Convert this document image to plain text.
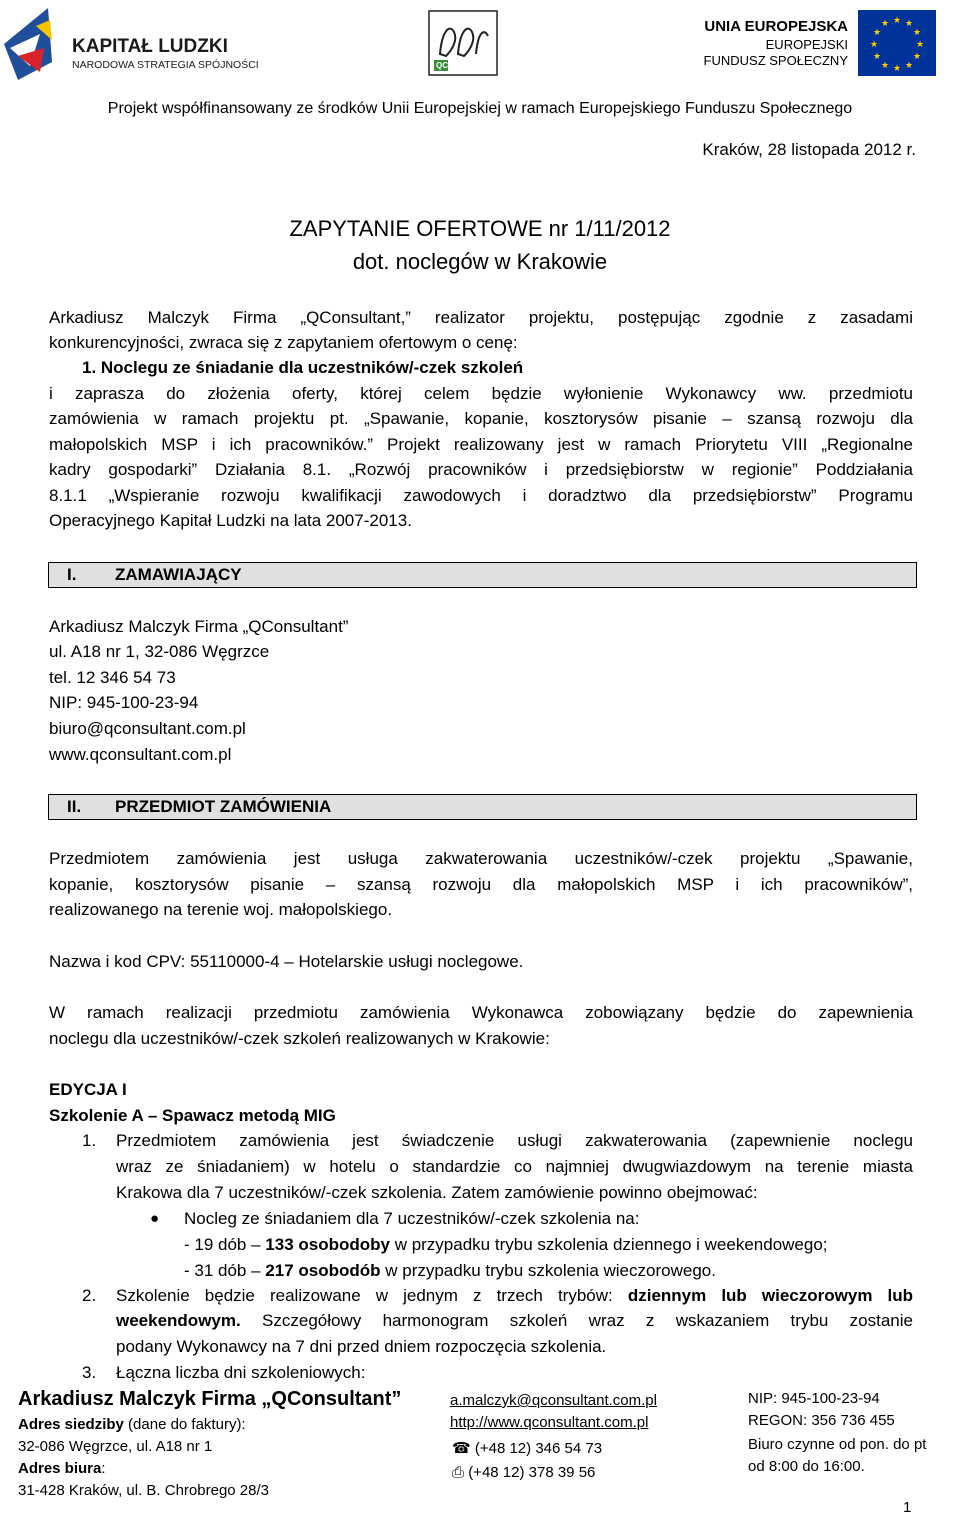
KAPITAŁ LUDZKI
NARODOWA STRATEGIA SPÓJNOŚCI	QC
UNIA EUROPEJSKA
EUROPEJSKI
FUNDUSZ SPOŁECZNY
★ ★
★
★
★
★
★
★
★
★
★
★
Projekt współfinansowany ze środków Unii Europejskiej w ramach Europejskiego Funduszu Społecznego
Kraków, 28 listopada 2012 r.
ZAPYTANIE OFERTOWE nr 1/11/2012
dot. noclegów w Krakowie
Arkadiusz Malczyk Firma „QConsultant,” realizator projektu, postępując zgodnie z zasadami
konkurencyjności, zwraca się z zapytaniem ofertowym o cenę:
1. Noclegu ze śniadanie dla uczestników/-czek szkoleń
i zaprasza do złożenia oferty, której celem będzie wyłonienie Wykonawcy ww. przedmiotu
zamówienia w ramach projektu pt. „Spawanie, kopanie, kosztorysów pisanie – szansą rozwoju dla
małopolskich MSP i ich pracowników.” Projekt realizowany jest w ramach Priorytetu VIII „Regionalne
kadry gospodarki” Działania 8.1. „Rozwój pracowników i przedsiębiorstw w regionie” Poddziałania
8.1.1 „Wspieranie rozwoju kwalifikacji zawodowych i doradztwo dla przedsiębiorstw” Programu
Operacyjnego Kapitał Ludzki na lata 2007-2013.
I. ZAMAWIAJĄCY
Arkadiusz Malczyk Firma „QConsultant”
ul. A18 nr 1, 32-086 Węgrzce
tel. 12 346 54 73
NIP: 945-100-23-94
biuro@qconsultant.com.pl
www.qconsultant.com.pl
II. PRZEDMIOT ZAMÓWIENIA
Przedmiotem zamówienia jest usługa zakwaterowania uczestników/-czek projektu „Spawanie,
kopanie, kosztorysów pisanie – szansą rozwoju dla małopolskich MSP i ich pracowników”,
realizowanego na terenie woj. małopolskiego.
Nazwa i kod CPV: 55110000-4 – Hotelarskie usługi noclegowe.
W ramach realizacji przedmiotu zamówienia Wykonawca zobowiązany będzie do zapewnienia
noclegu dla uczestników/-czek szkoleń realizowanych w Krakowie:
EDYCJA I
Szkolenie A – Spawacz metodą MIG
1. Przedmiotem zamówienia jest świadczenie usługi zakwaterowania (zapewnienie noclegu
wraz ze śniadaniem) w hotelu o standardzie co najmniej dwugwiazdowym na terenie miasta
Krakowa dla 7 uczestników/-czek szkolenia. Zatem zamówienie powinno obejmować:
● Nocleg ze śniadaniem dla 7 uczestników/-czek szkolenia na:
- 19 dób – 133 osobodoby w przypadku trybu szkolenia dziennego i weekendowego;
- 31 dób – 217 osobodób w przypadku trybu szkolenia wieczorowego.
2. Szkolenie będzie realizowane w jednym z trzech trybów: dziennym lub wieczorowym lub
weekendowym. Szczegółowy harmonogram szkoleń wraz z wskazaniem trybu zostanie
podany Wykonawcy na 7 dni przed dniem rozpoczęcia szkolenia.
3. Łączna liczba dni szkoleniowych:
Arkadiusz Malczyk Firma „QConsultant”
Adres siedziby (dane do faktury):
32-086 Węgrzce, ul. A18 nr 1
Adres biura:
31-428 Kraków, ul. B. Chrobrego 28/3
a.malczyk@qconsultant.com.pl
http://www.qconsultant.com.pl
☎ (+48 12) 346 54 73
⎙ (+48 12) 378 39 56
NIP: 945-100-23-94
REGON: 356 736 455
Biuro czynne od pon. do pt
od 8:00 do 16:00.
1
